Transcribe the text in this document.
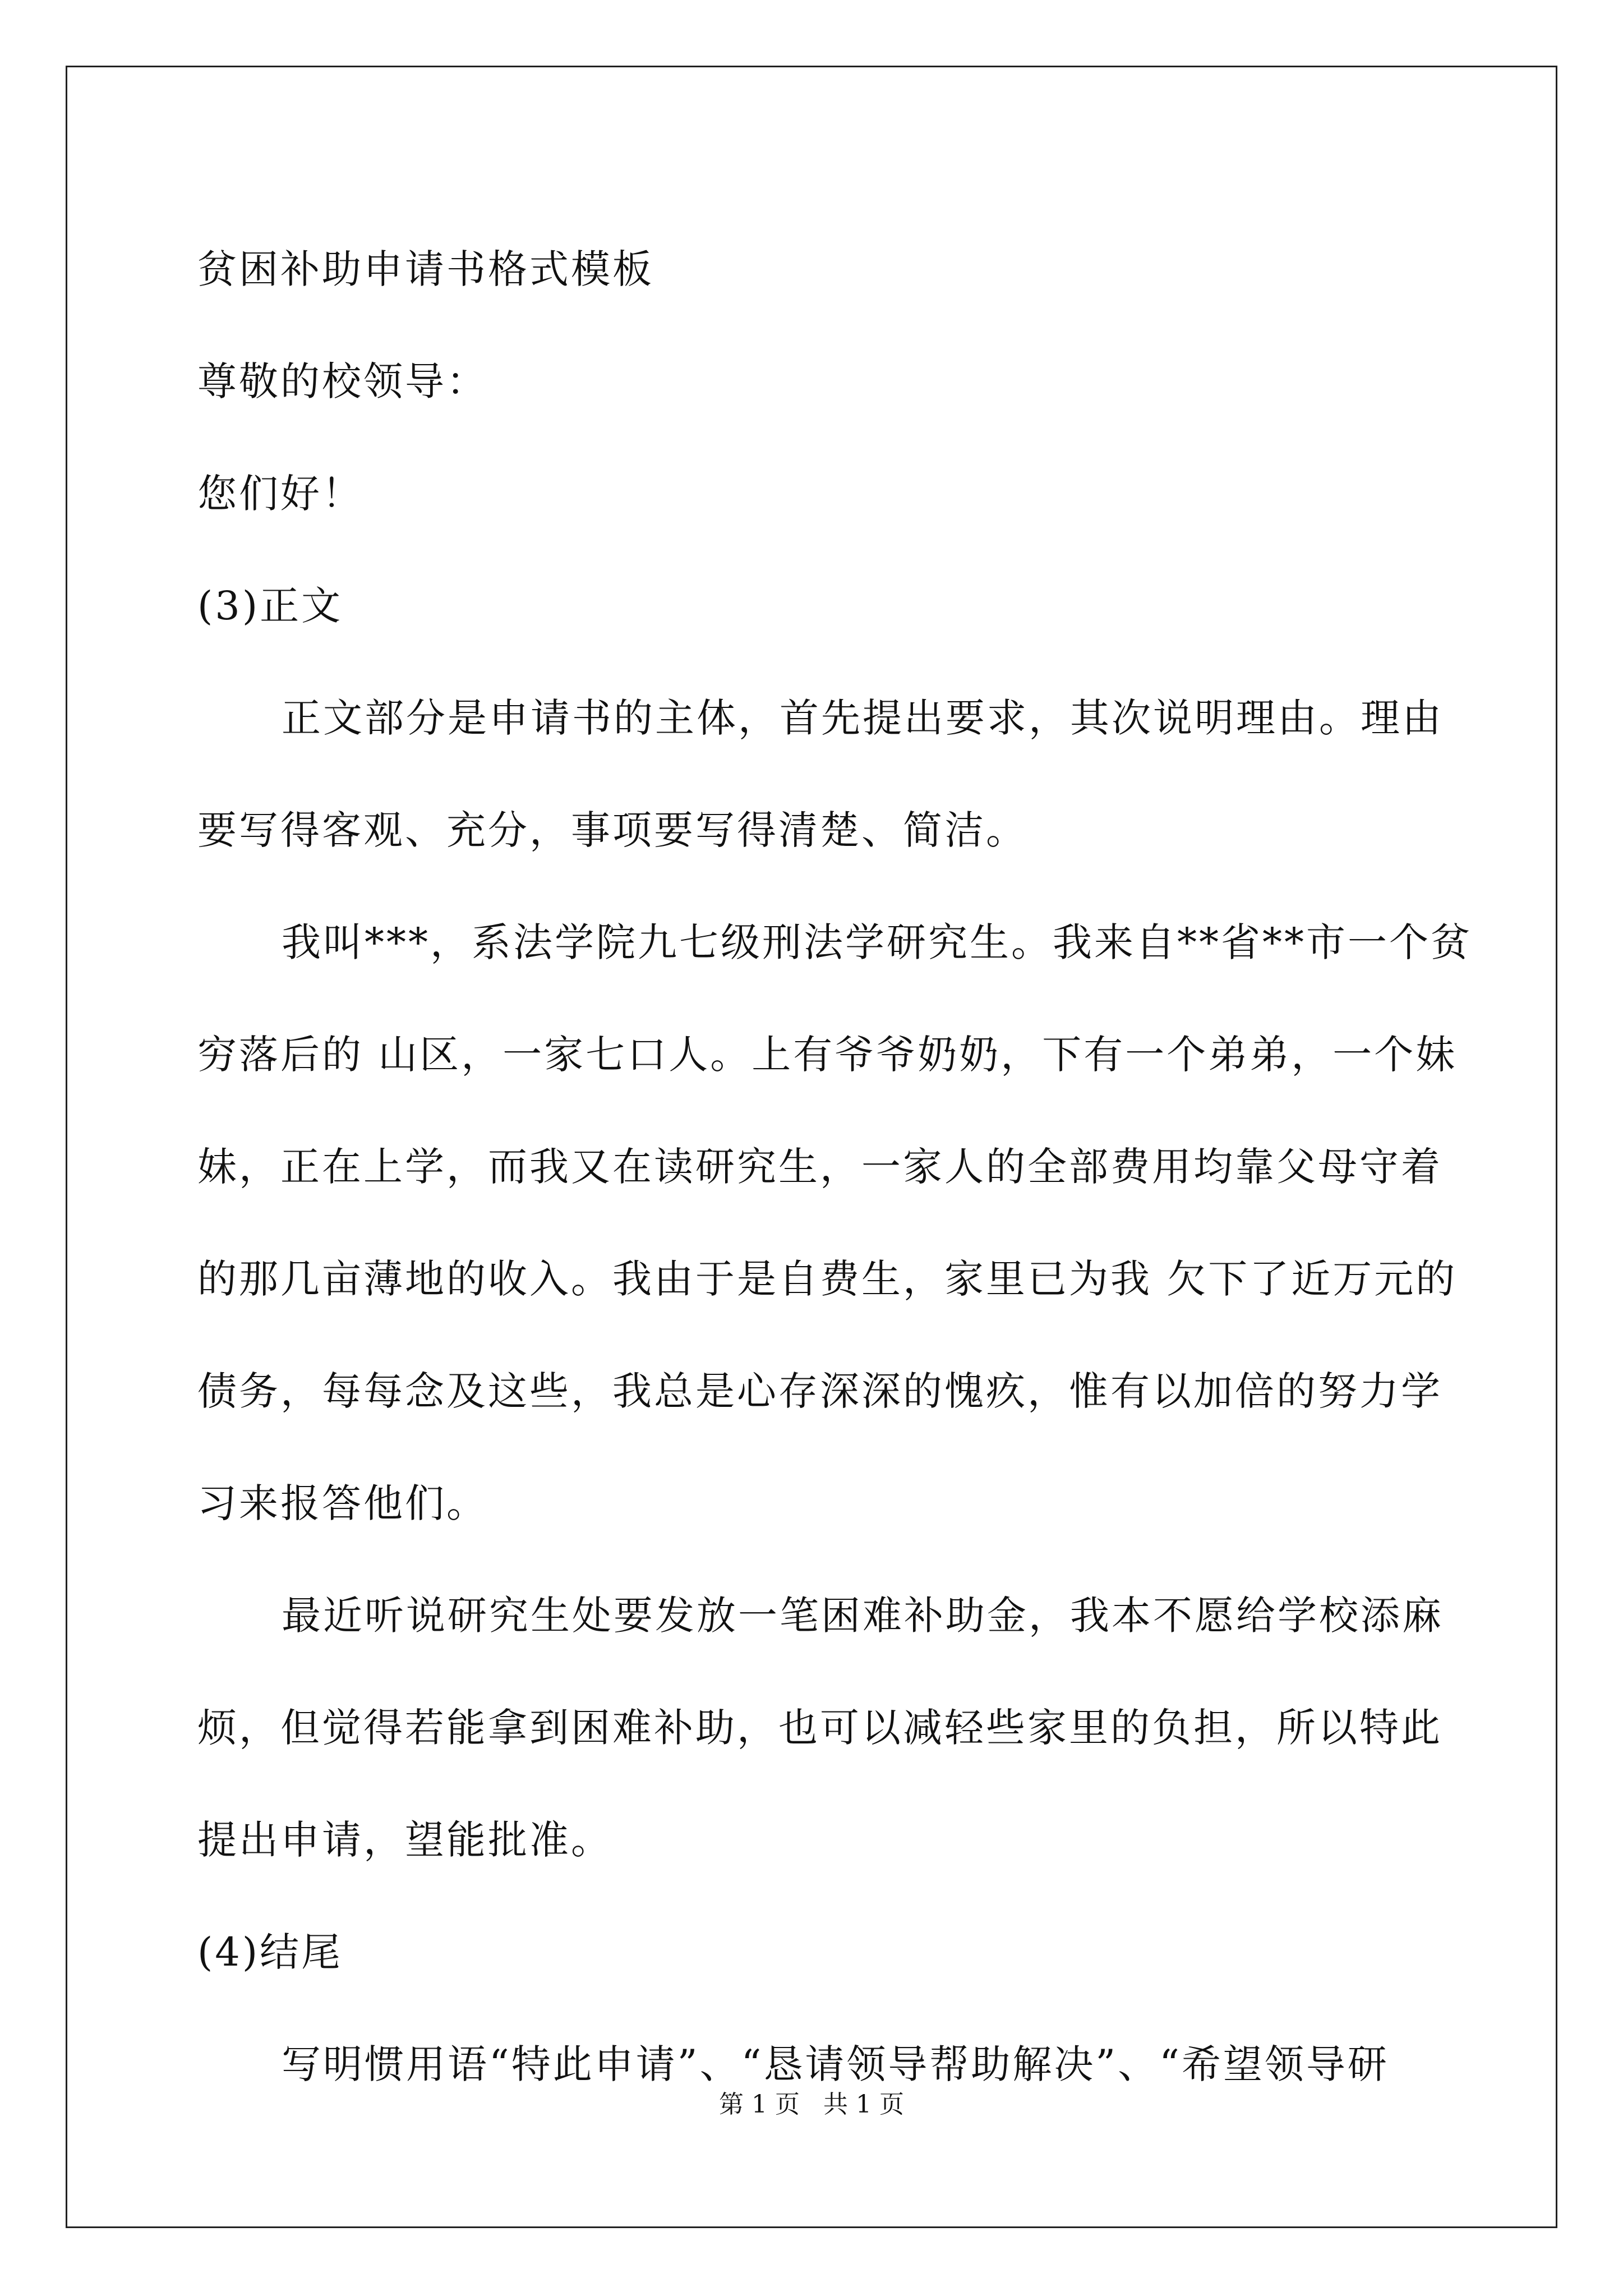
贫困补助申请书格式模板

尊敬的校领导：

您们好！

(3)正文

正文部分是申请书的主体，首先提出要求，其次说明理由。理由

要写得客观、充分，事项要写得清楚、简洁。

我叫***，系法学院九七级刑法学研究生。我来自**省**市一个贫

穷落后的 山区，一家七口人。上有爷爷奶奶，下有一个弟弟，一个妹

妹，正在上学，而我又在读研究生，一家人的全部费用均靠父母守着

的那几亩薄地的收入。我由于是自费生，家里已为我 欠下了近万元的

债务，每每念及这些，我总是心存深深的愧疚，惟有以加倍的努力学

习来报答他们。

最近听说研究生处要发放一笔困难补助金，我本不愿给学校添麻

烦，但觉得若能拿到困难补助，也可以减轻些家里的负担，所以特此

提出申请，望能批准。

(4)结尾

写明惯用语“特此申请”、“恳请领导帮助解决”、“希望领导研

第 1 页   共 1 页
